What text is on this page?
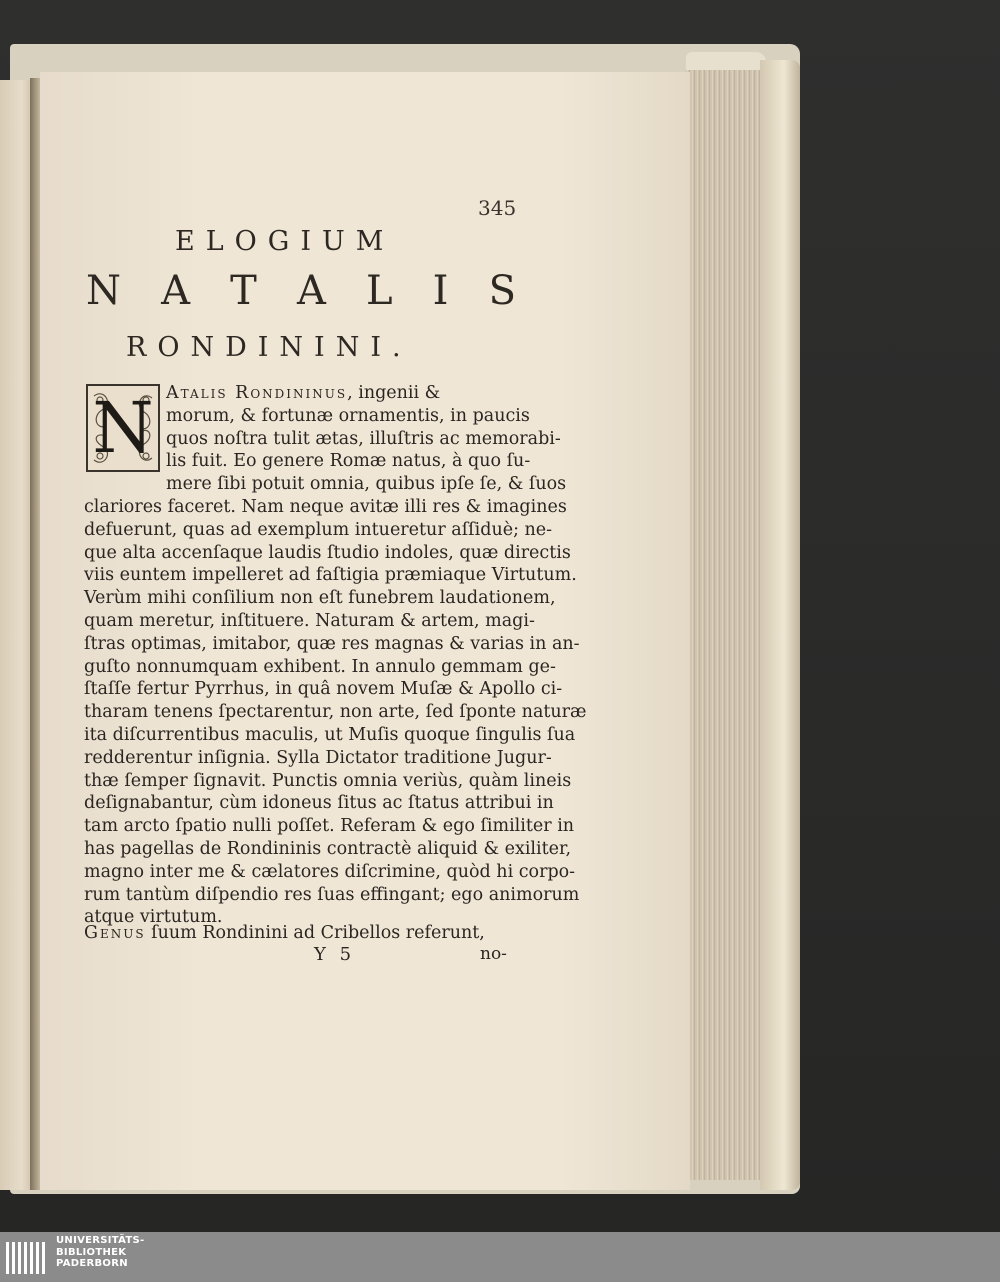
345
ELOGIUM
N A T A L I S
RONDININI.
N Atalis Rondininus, ingenii &
morum, & fortunæ ornamentis, in paucis
quos noſtra tulit ætas, illuſtris ac memorabi-
lis fuit. Eo genere Romæ natus, à quo ſu-
mere ſibi potuit omnia, quibus ipſe ſe, & ſuos
clariores faceret. Nam neque avitæ illi res & imagines
defuerunt, quas ad exemplum intueretur aſſiduè; ne-
que alta accenſaque laudis ſtudio indoles, quæ directis
viis euntem impelleret ad faſtigia præmiaque Virtutum.
Verùm mihi conſilium non eſt funebrem laudationem,
quam meretur, inſtituere. Naturam & artem, magi-
ſtras optimas, imitabor, quæ res magnas & varias in an-
guſto nonnumquam exhibent. In annulo gemmam ge-
ſtaſſe fertur Pyrrhus, in quâ novem Muſæ & Apollo ci-
tharam tenens ſpectarentur, non arte, ſed ſponte naturæ
ita diſcurrentibus maculis, ut Muſis quoque ſingulis ſua
redderentur inſignia. Sylla Dictator traditione Jugur-
thæ ſemper ſignavit. Punctis omnia veriùs, quàm lineis
deſignabantur, cùm idoneus ſitus ac ſtatus attribui in
tam arcto ſpatio nulli poſſet. Referam & ego ſimiliter in
has pagellas de Rondininis contractè aliquid & exiliter,
magno inter me & cælatores diſcrimine, quòd hi corpo-
rum tantùm diſpendio res ſuas effingant; ego animorum
atque virtutum.
Genus ſuum Rondinini ad Cribellos referunt,
Y 5	no-
UNIVERSITÄTS-
BIBLIOTHEK
PADERBORN
